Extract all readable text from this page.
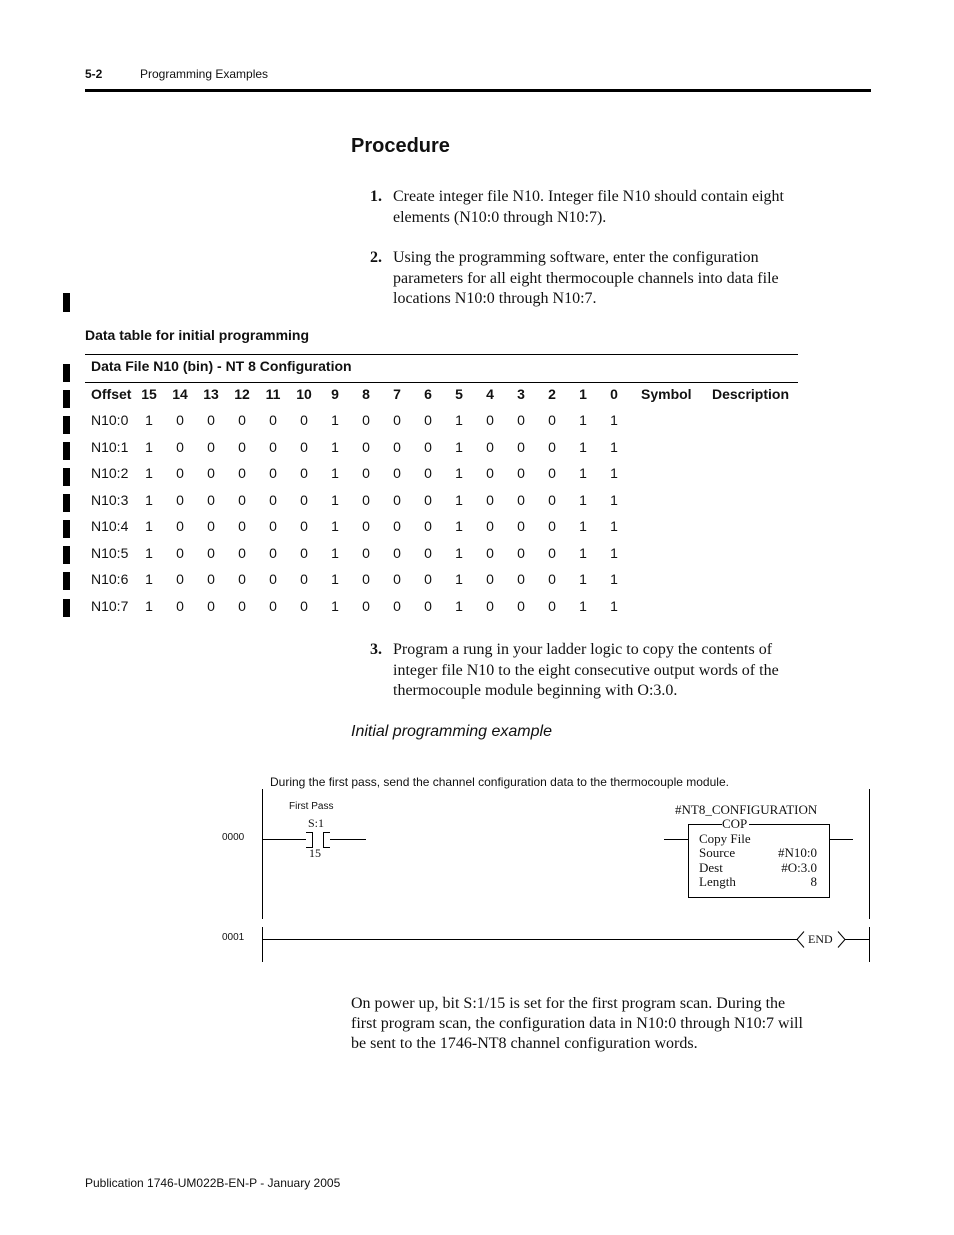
5-2	Programming Examples
Procedure
1. Create integer file N10. Integer file N10 should contain eight
elements (N10:0 through N10:7).
2. Using the programming software, enter the configuration
parameters for all eight thermocouple channels into data file
locations N10:0 through N10:7.
Data table for initial programming
Data File N10 (bin) - NT 8 Configuration
Offset 15 14 13 12 11 10 9 8 7 6 5 4 3 2 1 0 Symbol Description
N10:0 1 0 0 0 0 0 1 0 0 0 1 0 0 0 1 1
N10:1 1 0 0 0 0 0 1 0 0 0 1 0 0 0 1 1
N10:2 1 0 0 0 0 0 1 0 0 0 1 0 0 0 1 1
N10:3 1 0 0 0 0 0 1 0 0 0 1 0 0 0 1 1
N10:4 1 0 0 0 0 0 1 0 0 0 1 0 0 0 1 1
N10:5 1 0 0 0 0 0 1 0 0 0 1 0 0 0 1 1
N10:6 1 0 0 0 0 0 1 0 0 0 1 0 0 0 1 1
N10:7 1 0 0 0 0 0 1 0 0 0 1 0 0 0 1 1
3. Program a rung in your ladder logic to copy the contents of
integer file N10 to the eight consecutive output words of the
thermocouple module beginning with O:3.0.
Initial programming example
During the first pass, send the channel configuration data to the thermocouple module.
0000
0001
First Pass
S:1
15
#NT8_CONFIGURATION
COP
Copy File
Source	#N10:0
Dest	#O:3.0
Length	8
END
On power up, bit S:1/15 is set for the first program scan. During the
first program scan, the configuration data in N10:0 through N10:7 will
be sent to the 1746-NT8 channel configuration words.
Publication 1746-UM022B-EN-P - January 2005
